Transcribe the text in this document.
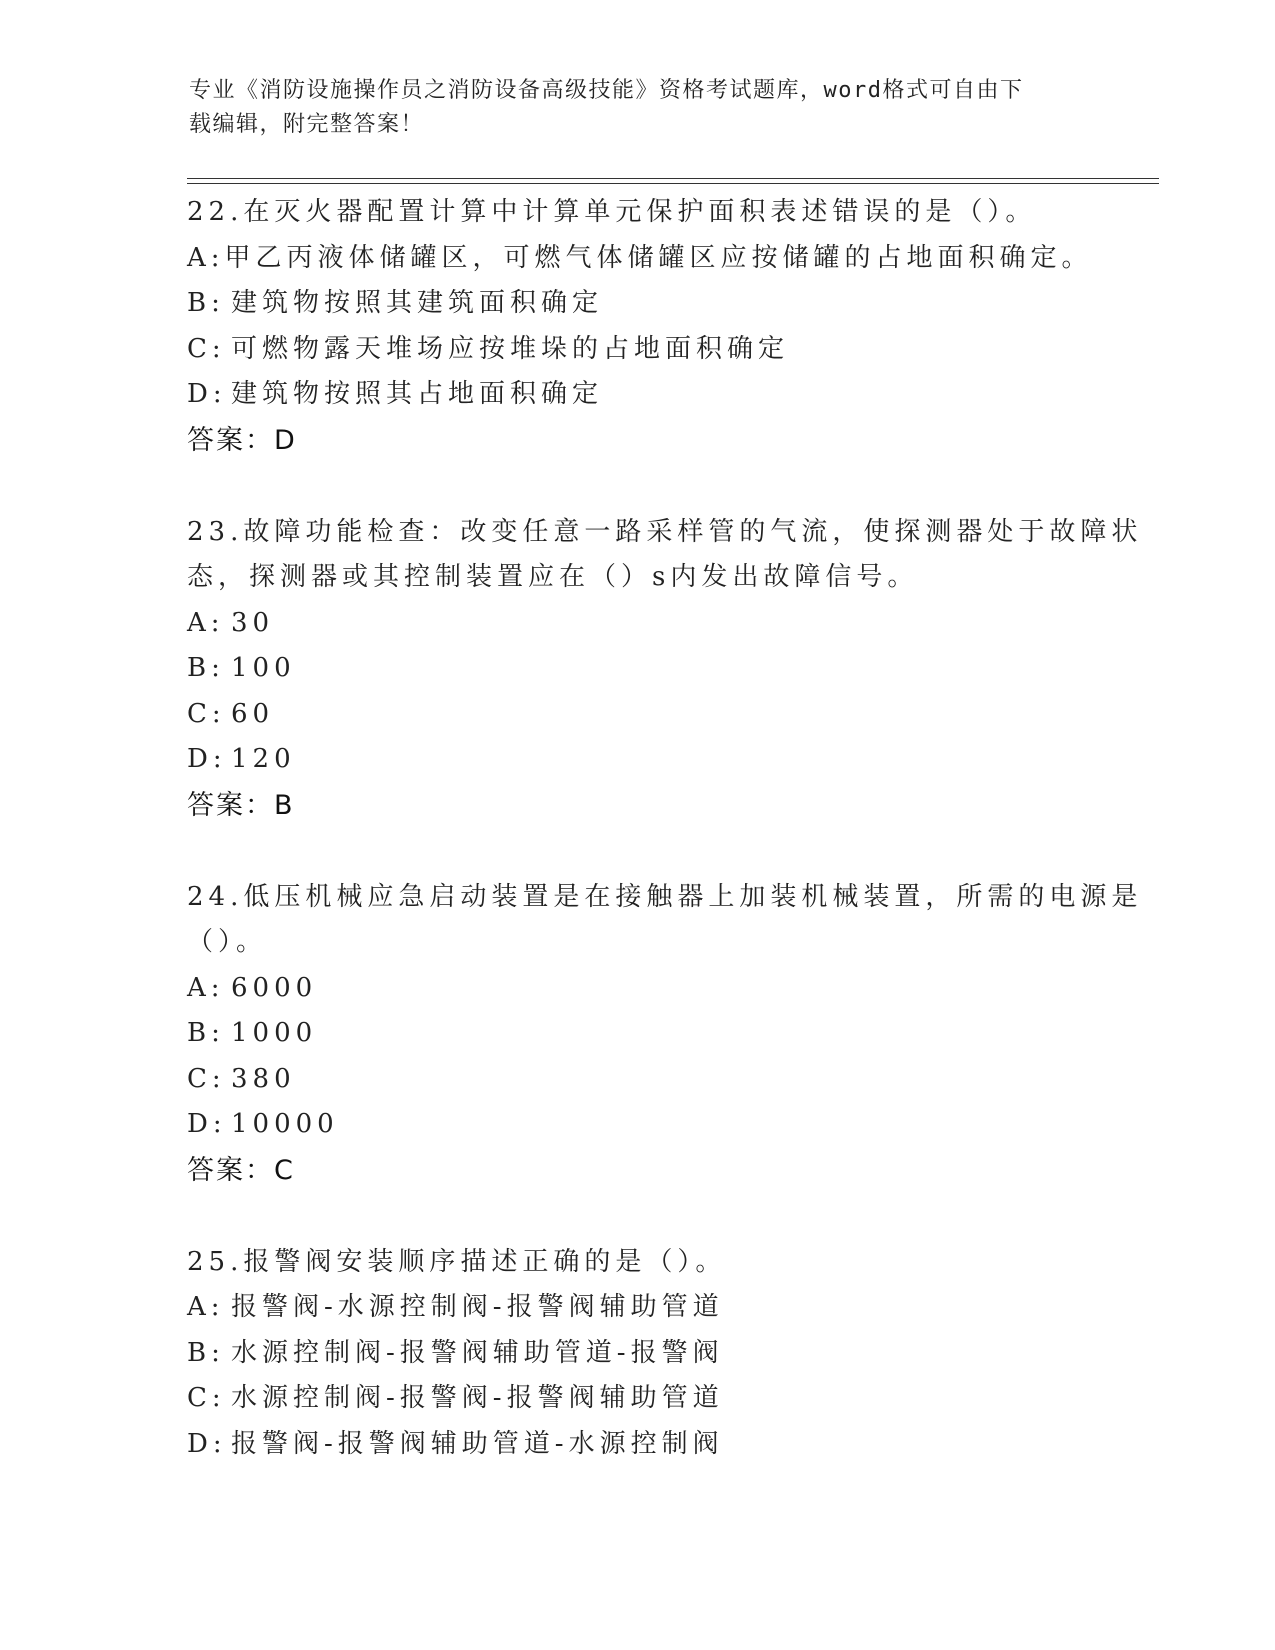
专业《消防设施操作员之消防设备高级技能》资格考试题库，word格式可自由下
载编辑，附完整答案！
22.在灭火器配置计算中计算单元保护面积表述错误的是（）。
A: 甲乙丙液体储罐区，可燃气体储罐区应按储罐的占地面积确定。
B: 建筑物按照其建筑面积确定
C: 可燃物露天堆场应按堆垛的占地面积确定
D: 建筑物按照其占地面积确定
答案：D
23.故障功能检查：改变任意一路采样管的气流，使探测器处于故障状
态，探测器或其控制装置应在（）s内发出故障信号。
A: 30
B: 100
C: 60
D: 120
答案：B
24.低压机械应急启动装置是在接触器上加装机械装置，所需的电源是
（）。
A: 6000
B: 1000
C: 380
D: 10000
答案：C
25.报警阀安装顺序描述正确的是（）。
A: 报警阀-水源控制阀-报警阀辅助管道
B: 水源控制阀-报警阀辅助管道-报警阀
C: 水源控制阀-报警阀-报警阀辅助管道
D: 报警阀-报警阀辅助管道-水源控制阀
